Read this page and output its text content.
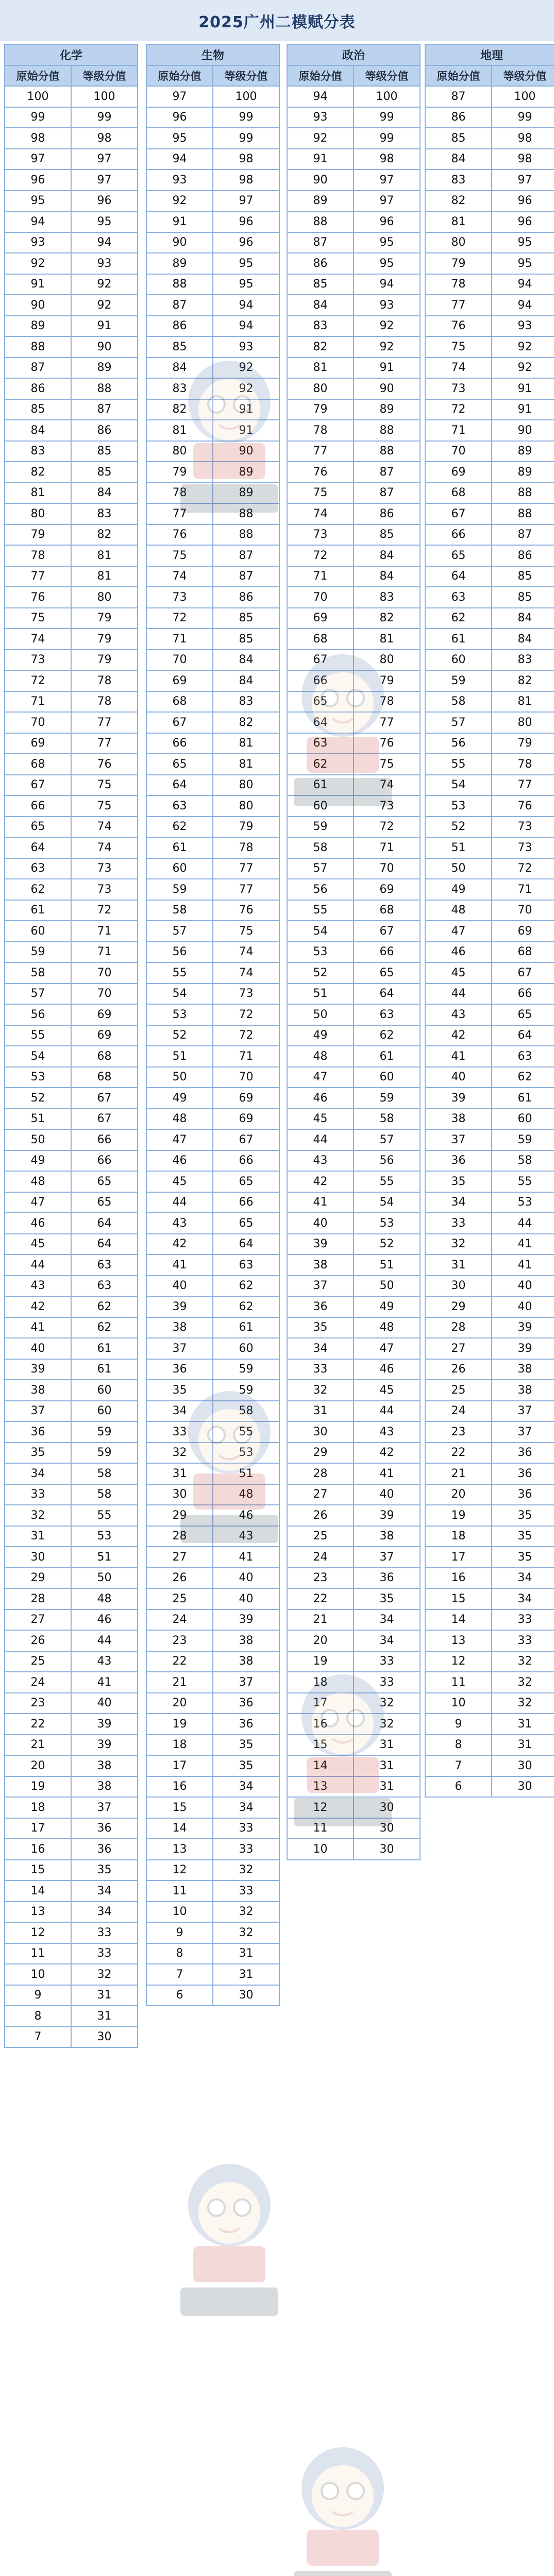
2025广州二模赋分表
化学	
原始分值	等级分值
100	100
99	99
98	98
97	97
96	97
95	96
94	95
93	94
92	93
91	92
90	92
89	91
88	90
87	89
86	88
85	87
84	86
83	85
82	85
81	84
80	83
79	82
78	81
77	81
76	80
75	79
74	79
73	79
72	78
71	78
70	77
69	77
68	76
67	75
66	75
65	74
64	74
63	73
62	73
61	72
60	71
59	71
58	70
57	70
56	69
55	69
54	68
53	68
52	67
51	67
50	66
49	66
48	65
47	65
46	64
45	64
44	63
43	63
42	62
41	62
40	61
39	61
38	60
37	60
36	59
35	59
34	58
33	58
32	55
31	53
30	51
29	50
28	48
27	46
26	44
25	43
24	41
23	40
22	39
21	39
20	38
19	38
18	37
17	36
16	36
15	35
14	34
13	34
12	33
11	33
10	32
9	31
8	31
7	30
生物	
原始分值	等级分值
97	100
96	99
95	99
94	98
93	98
92	97
91	96
90	96
89	95
88	95
87	94
86	94
85	93
84	92
83	92
82	91
81	91
80	90
79	89
78	89
77	88
76	88
75	87
74	87
73	86
72	85
71	85
70	84
69	84
68	83
67	82
66	81
65	81
64	80
63	80
62	79
61	78
60	77
59	77
58	76
57	75
56	74
55	74
54	73
53	72
52	72
51	71
50	70
49	69
48	69
47	67
46	66
45	65
44	66
43	65
42	64
41	63
40	62
39	62
38	61
37	60
36	59
35	59
34	58
33	55
32	53
31	51
30	48
29	46
28	43
27	41
26	40
25	40
24	39
23	38
22	38
21	37
20	36
19	36
18	35
17	35
16	34
15	34
14	33
13	33
12	32
11	33
10	32
9	32
8	31
7	31
6	30
政治	
原始分值	等级分值
94	100
93	99
92	99
91	98
90	97
89	97
88	96
87	95
86	95
85	94
84	93
83	92
82	92
81	91
80	90
79	89
78	88
77	88
76	87
75	87
74	86
73	85
72	84
71	84
70	83
69	82
68	81
67	80
66	79
65	78
64	77
63	76
62	75
61	74
60	73
59	72
58	71
57	70
56	69
55	68
54	67
53	66
52	65
51	64
50	63
49	62
48	61
47	60
46	59
45	58
44	57
43	56
42	55
41	54
40	53
39	52
38	51
37	50
36	49
35	48
34	47
33	46
32	45
31	44
30	43
29	42
28	41
27	40
26	39
25	38
24	37
23	36
22	35
21	34
20	34
19	33
18	33
17	32
16	32
15	31
14	31
13	31
12	30
11	30
10	30
地理	
原始分值	等级分值
87	100
86	99
85	98
84	98
83	97
82	96
81	96
80	95
79	95
78	94
77	94
76	93
75	92
74	92
73	91
72	91
71	90
70	89
69	89
68	88
67	88
66	87
65	86
64	85
63	85
62	84
61	84
60	83
59	82
58	81
57	80
56	79
55	78
54	77
53	76
52	73
51	73
50	72
49	71
48	70
47	69
46	68
45	67
44	66
43	65
42	64
41	63
40	62
39	61
38	60
37	59
36	58
35	55
34	53
33	44
32	41
31	41
30	40
29	40
28	39
27	39
26	38
25	38
24	37
23	37
22	36
21	36
20	36
19	35
18	35
17	35
16	34
15	34
14	33
13	33
12	32
11	32
10	32
9	31
8	31
7	30
6	30
